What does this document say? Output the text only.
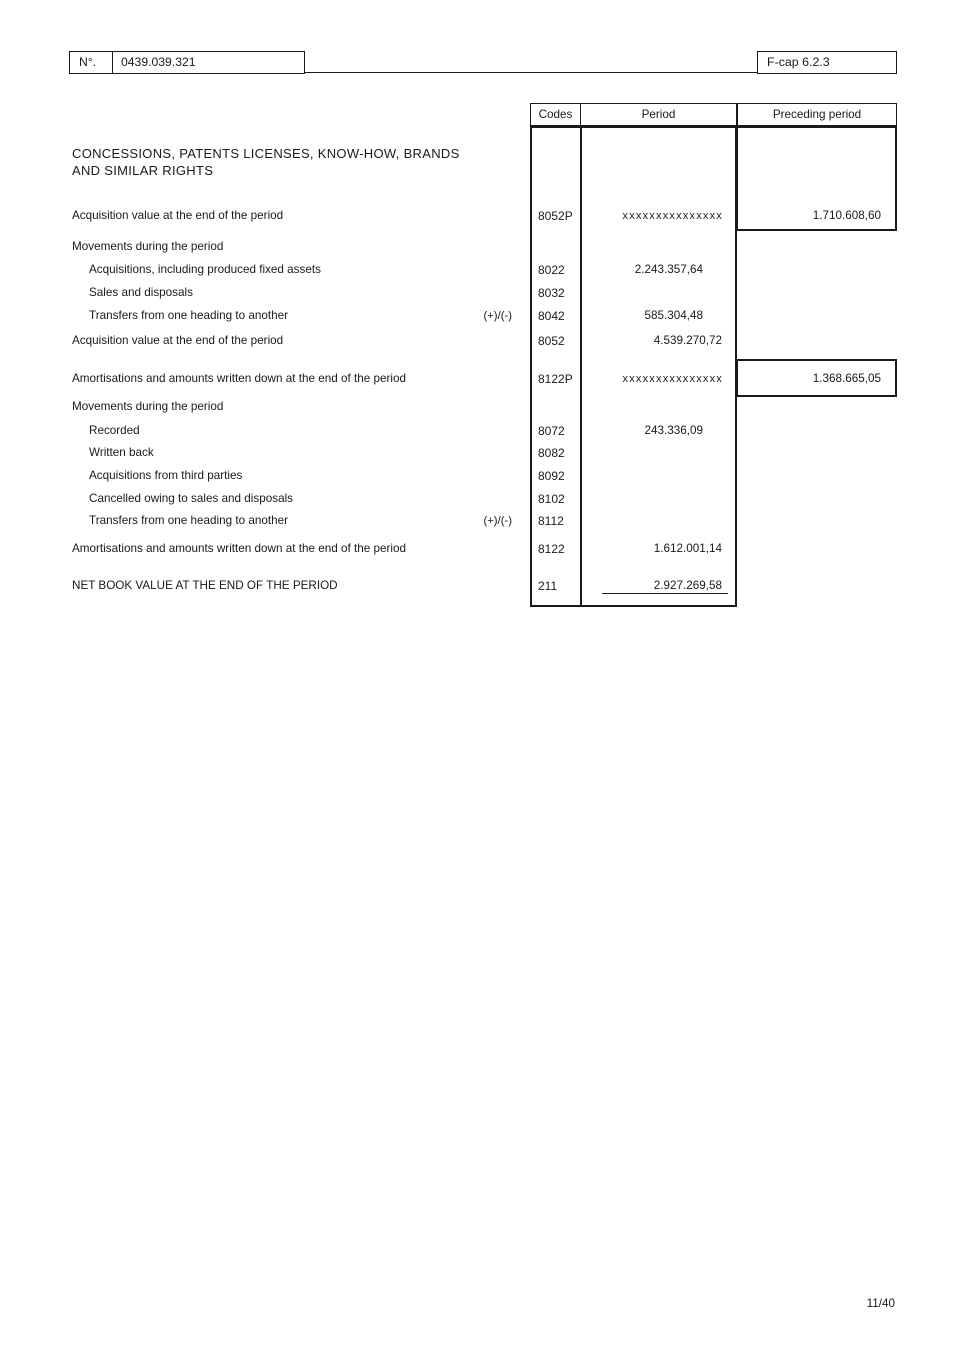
N°.	0439.039.321	F-cap 6.2.3
Codes	Period	Preceding period
CONCESSIONS, PATENTS LICENSES, KNOW-HOW, BRANDS
AND SIMILAR RIGHTS
Acquisition value at the end of the period	8052P	xxxxxxxxxxxxxxx	1.710.608,60
Movements during the period
Acquisitions, including produced fixed assets	8022	2.243.357,64
Sales and disposals	8032
Transfers from one heading to another	(+)/(-) 8042	585.304,48
Acquisition value at the end of the period	8052	4.539.270,72
Amortisations and amounts written down at the end of the period	8122P	xxxxxxxxxxxxxxx	1.368.665,05
Movements during the period
Recorded	8072	243.336,09
Written back	8082
Acquisitions from third parties	8092
Cancelled owing to sales and disposals	8102
Transfers from one heading to another	(+)/(-) 8112
Amortisations and amounts written down at the end of the period	8122	1.612.001,14
NET BOOK VALUE AT THE END OF THE PERIOD	211	2.927.269,58
11/40
